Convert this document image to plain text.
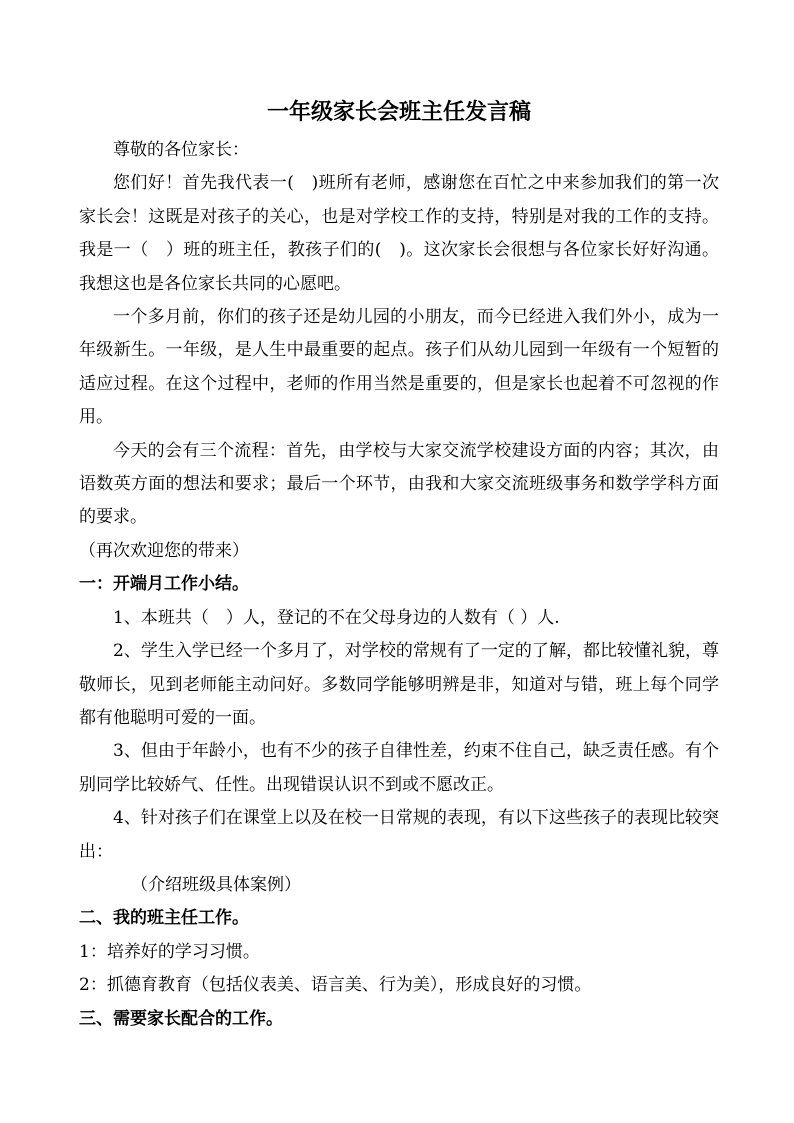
一年级家长会班主任发言稿

尊敬的各位家长：

您们好！首先我代表一(　)班所有老师，感谢您在百忙之中来参加我们的第一次家长会！这既是对孩子的关心，也是对学校工作的支持，特别是对我的工作的支持。我是一（　）班的班主任，教孩子们的(　)。这次家长会很想与各位家长好好沟通。我想这也是各位家长共同的心愿吧。

一个多月前，你们的孩子还是幼儿园的小朋友，而今已经进入我们外小，成为一年级新生。一年级，是人生中最重要的起点。孩子们从幼儿园到一年级有一个短暂的适应过程。在这个过程中，老师的作用当然是重要的，但是家长也起着不可忽视的作用。

今天的会有三个流程：首先，由学校与大家交流学校建设方面的内容；其次，由语数英方面的想法和要求；最后一个环节，由我和大家交流班级事务和数学学科方面的要求。

（再次欢迎您的带来）

一：开端月工作小结。

1、本班共（　）人，登记的不在父母身边的人数有（ ）人.

2、学生入学已经一个多月了，对学校的常规有了一定的了解，都比较懂礼貌，尊敬师长，见到老师能主动问好。多数同学能够明辨是非，知道对与错，班上每个同学都有他聪明可爱的一面。

3、但由于年龄小，也有不少的孩子自律性差，约束不住自己，缺乏责任感。有个别同学比较娇气、任性。出现错误认识不到或不愿改正。

4、针对孩子们在课堂上以及在校一日常规的表现，有以下这些孩子的表现比较突出：

（介绍班级具体案例）

二、我的班主任工作。

1：培养好的学习习惯。

2：抓德育教育（包括仪表美、语言美、行为美），形成良好的习惯。

三、需要家长配合的工作。
